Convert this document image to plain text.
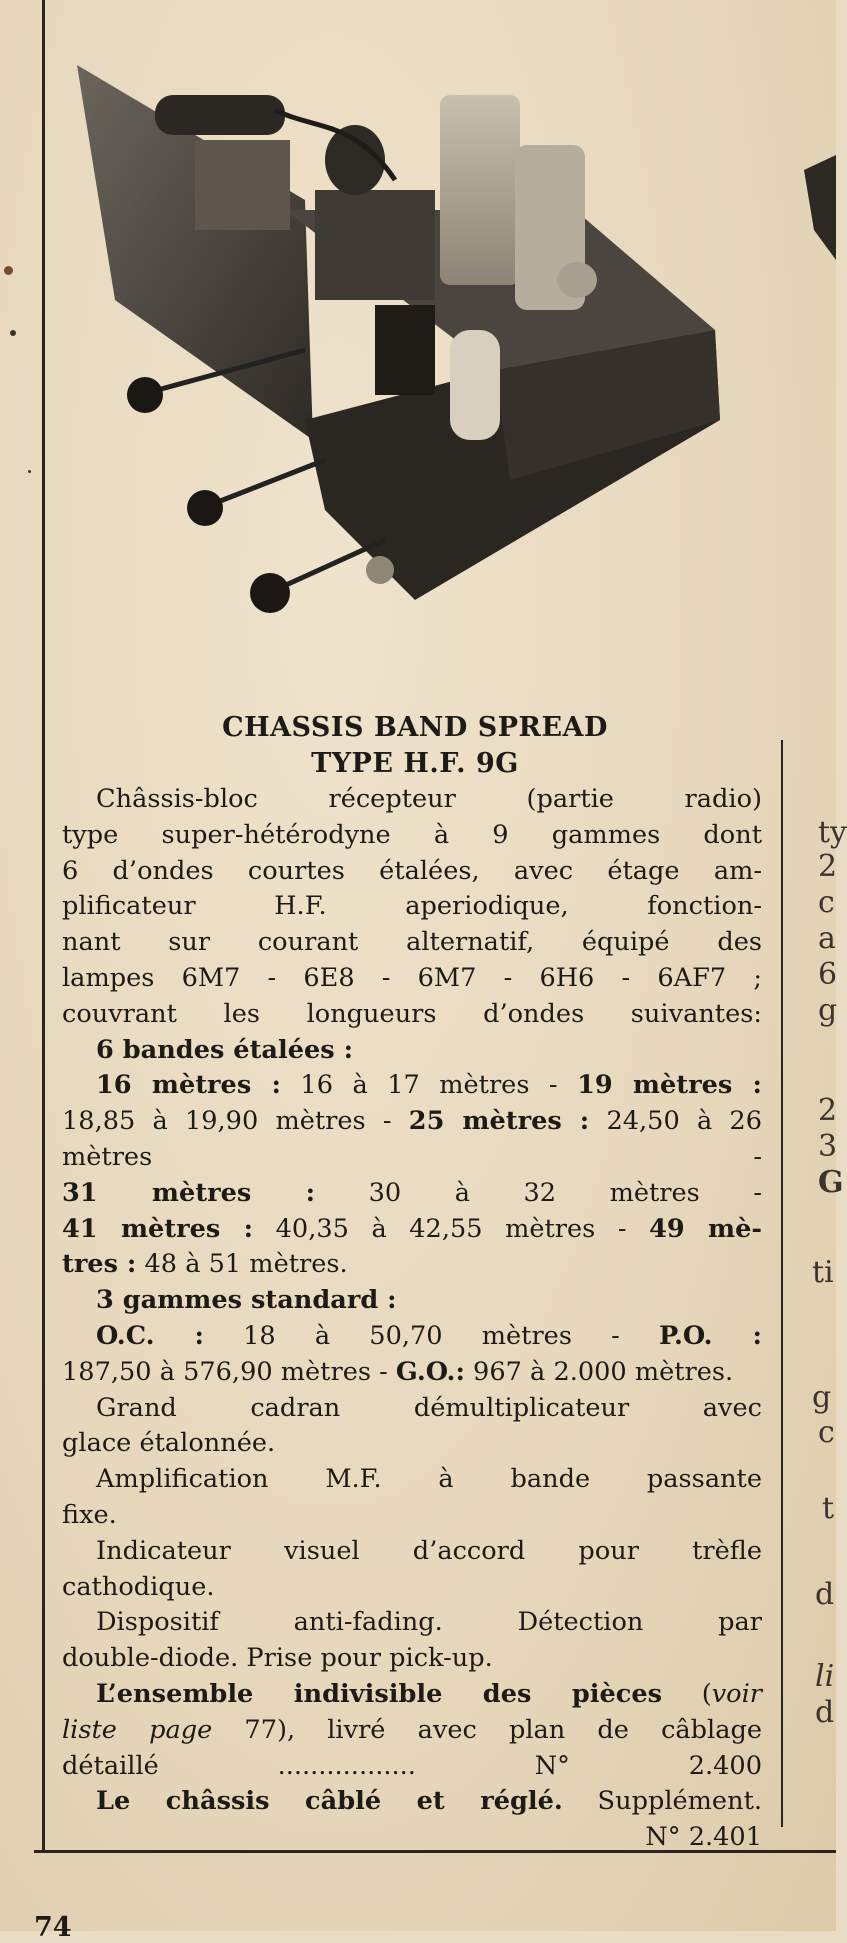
CHASSIS BAND SPREAD
TYPE H.F. 9G

Châssis-bloc récepteur (partie radio)

type super-hétérodyne à 9 gammes dont

6 d’ondes courtes étalées, avec étage am-

plificateur H.F. aperiodique, fonction-

nant sur courant alternatif, équipé des

lampes 6M7 - 6E8 - 6M7 - 6H6 - 6AF7 ;

couvrant les longueurs d’ondes suivantes:

6 bandes étalées :

16 mètres : 16 à 17 mètres - 19 mètres :

18,85 à 19,90 mètres - 25 mètres : 24,50 à 26 mètres -

31 mètres : 30 à 32 mètres -

41 mètres : 40,35 à 42,55 mètres - 49 mè-

tres : 48 à 51 mètres.

3 gammes standard :

O.C. : 18 à 50,70 mètres - P.O. :

187,50 à 576,90 mètres - G.O.: 967 à 2.000 mètres.

Grand cadran démultiplicateur avec

glace étalonnée.

Amplification M.F. à bande passante

fixe.

Indicateur visuel d’accord pour trèfle

cathodique.

Dispositif anti-fading. Détection par

double-diode. Prise pour pick-up.

L’ensemble indivisible des pièces (voir

liste page 77), livré avec plan de câblage

détaillé .................	N° 2.400

Le châssis câblé et réglé. Supplément.

N° 2.401

ty
2
c
a
6
g
2
3
G
ti
g
c
t
d
li
d
74
